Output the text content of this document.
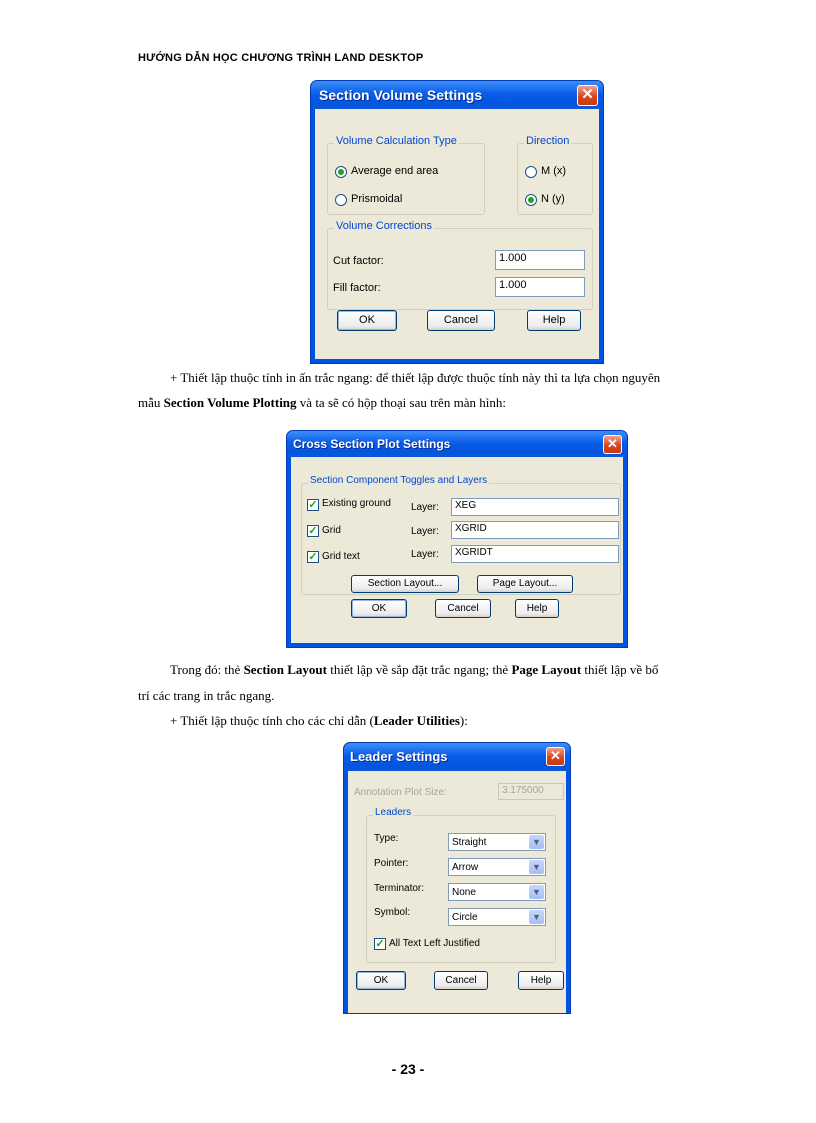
HƯỚNG DẪN HỌC CHƯƠNG TRÌNH LAND DESKTOP
Section Volume Settings	✕
Volume Calculation Type
Average end area
Prismoidal
Direction
M (x)
N (y)
Volume Corrections
Cut factor:	1.000
Fill factor:	1.000
OK	Cancel	Help
+ Thiết lập thuộc tính in ấn trắc ngang: để thiết lập được thuộc tính này thì ta lựa chọn nguyên
mẫu Section Volume Plotting và ta sẽ có hộp thoại sau trên màn hình:
Cross Section Plot Settings	✕
Section Component Toggles and Layers
✓ Existing ground Layer:	XEG
✓ Grid	Layer:	XGRID
✓ Grid text	Layer:	XGRIDT
Section Layout...	Page Layout...
OK	Cancel	Help
Trong đó: thẻ Section Layout thiết lập về sắp đặt trắc ngang; thẻ Page Layout thiết lập về bố
trí các trang in trắc ngang.
+ Thiết lập thuộc tính cho các chỉ dẫn (Leader Utilities):
Leader Settings	✕
Annotation Plot Size:	3.175000
Leaders
Type:	Straight	▼
Pointer:	Arrow	▼
Terminator:	None	▼
Symbol:	Circle	▼
✓ All Text Left Justified
OK	Cancel	Help
- 23 -
